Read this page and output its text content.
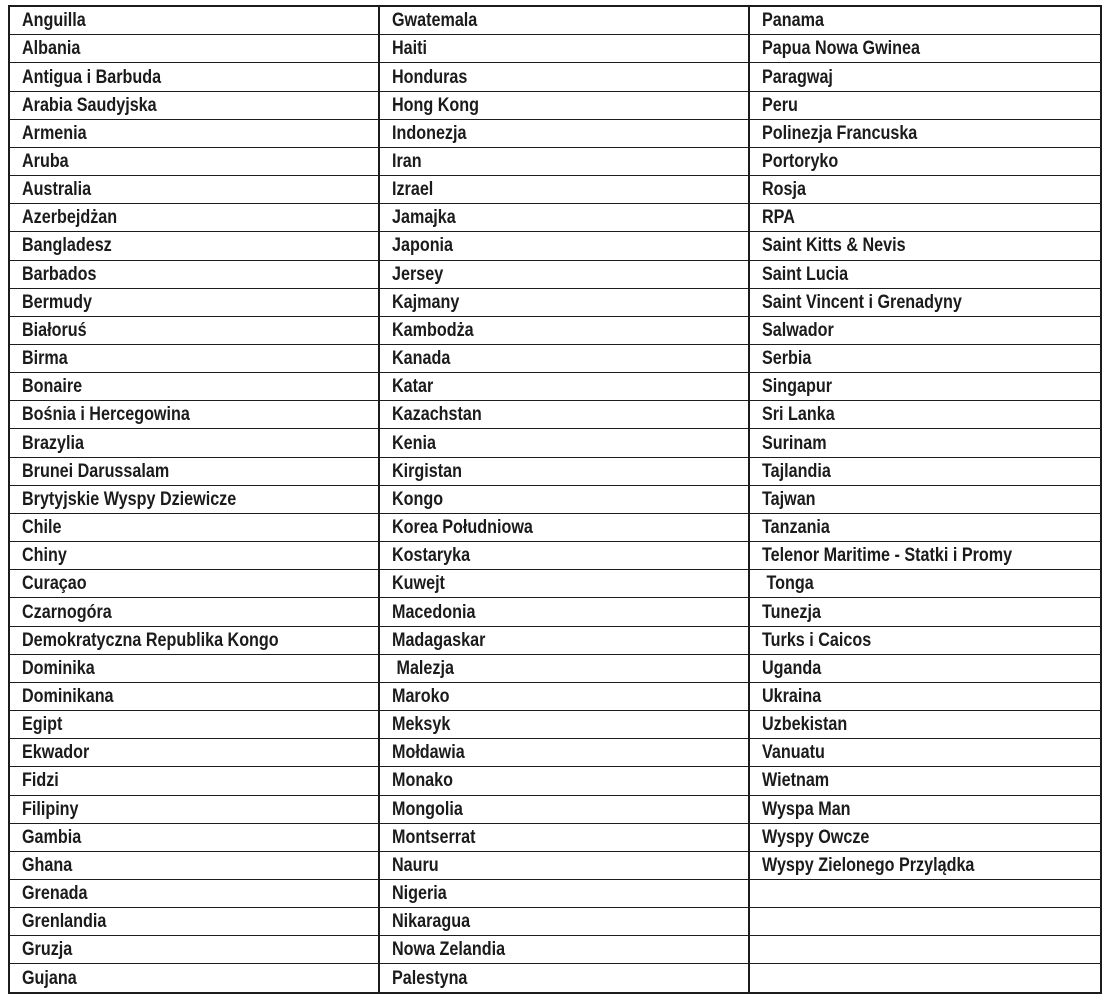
Anguilla	Gwatemala	Panama
Albania	Haiti	Papua Nowa Gwinea
Antigua i Barbuda	Honduras	Paragwaj
Arabia Saudyjska	Hong Kong	Peru
Armenia	Indonezja	Polinezja Francuska
Aruba	Iran	Portoryko
Australia	Izrael	Rosja
Azerbejdżan	Jamajka	RPA
Bangladesz	Japonia	Saint Kitts & Nevis
Barbados	Jersey	Saint Lucia
Bermudy	Kajmany	Saint Vincent i Grenadyny
Białoruś	Kambodża	Salwador
Birma	Kanada	Serbia
Bonaire	Katar	Singapur
Bośnia i Hercegowina	Kazachstan	Sri Lanka
Brazylia	Kenia	Surinam
Brunei Darussalam	Kirgistan	Tajlandia
Brytyjskie Wyspy Dziewicze	Kongo	Tajwan
Chile	Korea Południowa	Tanzania
Chiny	Kostaryka	Telenor Maritime - Statki i Promy
Curaçao	Kuwejt	Tonga
Czarnogóra	Macedonia	Tunezja
Demokratyczna Republika Kongo	Madagaskar	Turks i Caicos
Dominika	Malezja	Uganda
Dominikana	Maroko	Ukraina
Egipt	Meksyk	Uzbekistan
Ekwador	Mołdawia	Vanuatu
Fidzi	Monako	Wietnam
Filipiny	Mongolia	Wyspa Man
Gambia	Montserrat	Wyspy Owcze
Ghana	Nauru	Wyspy Zielonego Przylądka
Grenada	Nigeria	
Grenlandia	Nikaragua	
Gruzja	Nowa Zelandia	
Gujana	Palestyna	
